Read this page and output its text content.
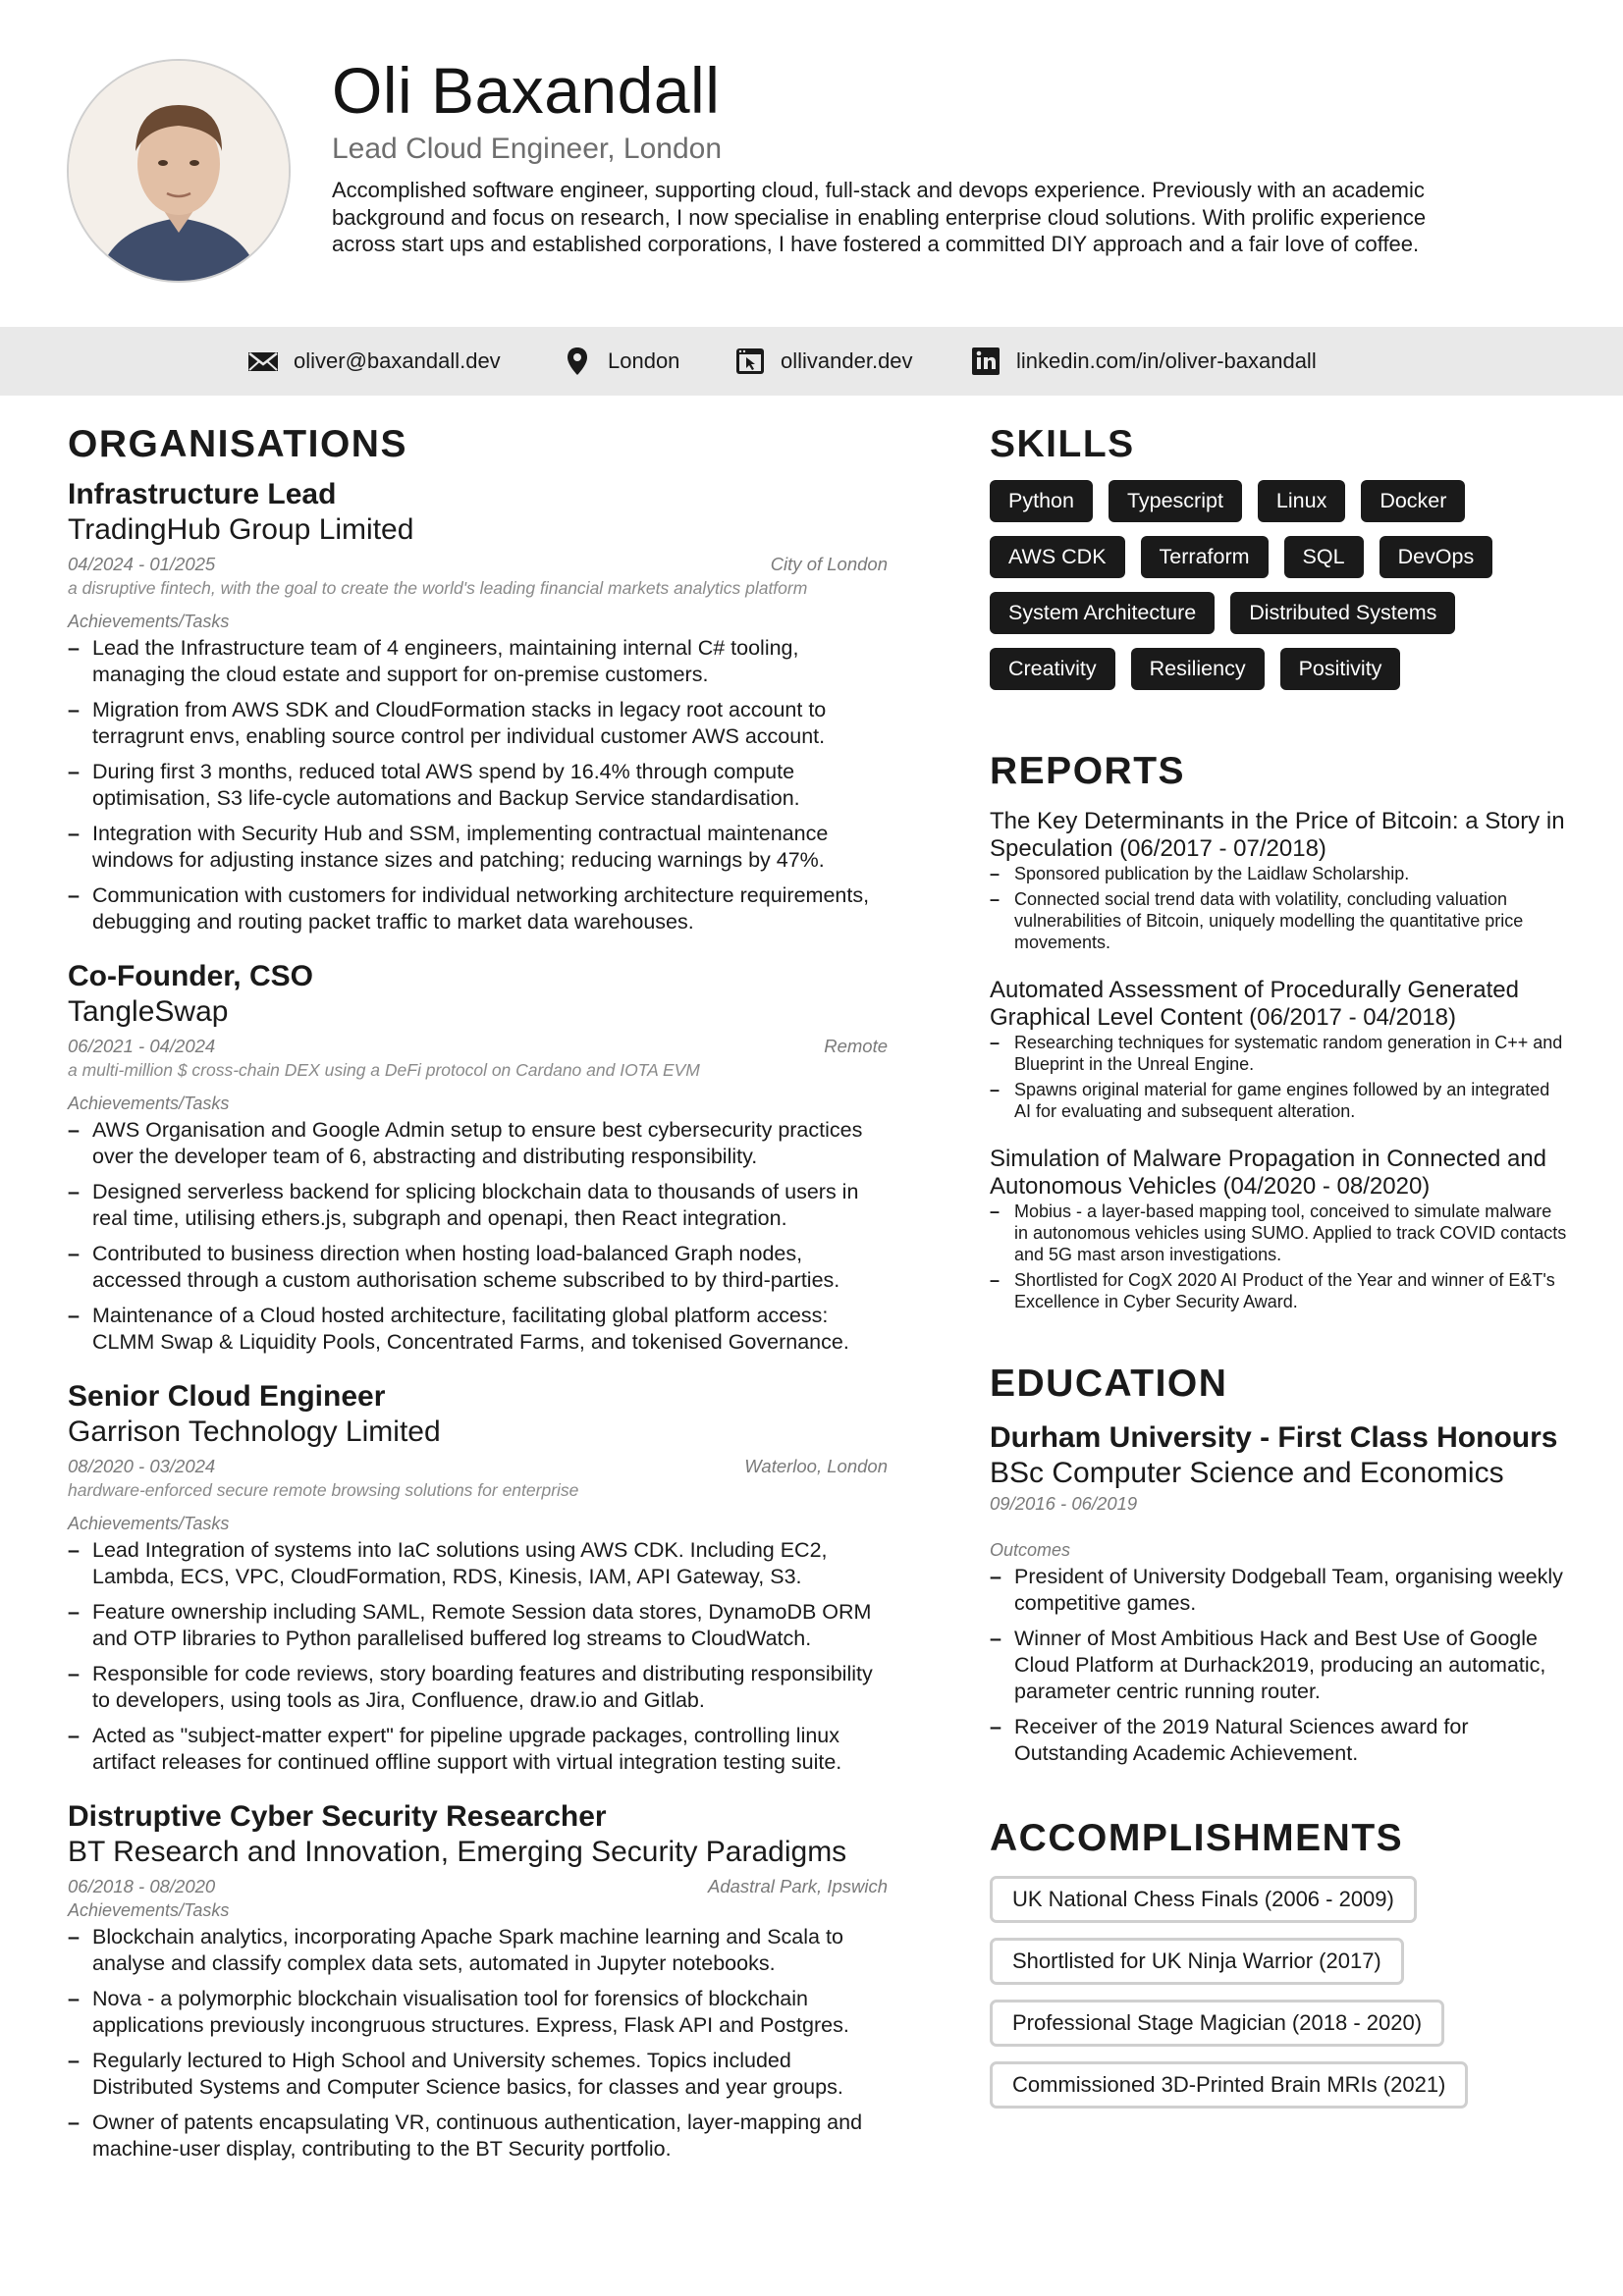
Oli Baxandall
Lead Cloud Engineer, London
Accomplished software engineer, supporting cloud, full-stack and devops experience. Previously with an academic background and focus on research, I now specialise in enabling enterprise cloud solutions. With prolific experience across start ups and established corporations, I have fostered a committed DIY approach and a fair love of coffee.
oliver@baxandall.dev	London	ollivander.dev	linkedin.com/in/oliver-baxandall
ORGANISATIONS
Infrastructure Lead
TradingHub Group Limited
04/2024 - 01/2025	City of London
a disruptive fintech, with the goal to create the world's leading financial markets analytics platform
Achievements/Tasks
– Lead the Infrastructure team of 4 engineers, maintaining internal C# tooling, managing the cloud estate and support for on-premise customers.
– Migration from AWS SDK and CloudFormation stacks in legacy root account to terragrunt envs, enabling source control per individual customer AWS account.
– During first 3 months, reduced total AWS spend by 16.4% through compute optimisation, S3 life-cycle automations and Backup Service standardisation.
– Integration with Security Hub and SSM, implementing contractual maintenance windows for adjusting instance sizes and patching; reducing warnings by 47%.
– Communication with customers for individual networking architecture requirements, debugging and routing packet traffic to market data warehouses.
Co-Founder, CSO
TangleSwap
06/2021 - 04/2024	Remote
a multi-million $ cross-chain DEX using a DeFi protocol on Cardano and IOTA EVM
Achievements/Tasks
– AWS Organisation and Google Admin setup to ensure best cybersecurity practices over the developer team of 6, abstracting and distributing responsibility.
– Designed serverless backend for splicing blockchain data to thousands of users in real time, utilising ethers.js, subgraph and openapi, then React integration.
– Contributed to business direction when hosting load-balanced Graph nodes, accessed through a custom authorisation scheme subscribed to by third-parties.
– Maintenance of a Cloud hosted architecture, facilitating global platform access: CLMM Swap & Liquidity Pools, Concentrated Farms, and tokenised Governance.
Senior Cloud Engineer
Garrison Technology Limited
08/2020 - 03/2024	Waterloo, London
hardware-enforced secure remote browsing solutions for enterprise
Achievements/Tasks
– Lead Integration of systems into IaC solutions using AWS CDK. Including EC2, Lambda, ECS, VPC, CloudFormation, RDS, Kinesis, IAM, API Gateway, S3.
– Feature ownership including SAML, Remote Session data stores, DynamoDB ORM and OTP libraries to Python parallelised buffered log streams to CloudWatch.
– Responsible for code reviews, story boarding features and distributing responsibility to developers, using tools as Jira, Confluence, draw.io and Gitlab.
– Acted as "subject-matter expert" for pipeline upgrade packages, controlling linux artifact releases for continued offline support with virtual integration testing suite.
Distruptive Cyber Security Researcher
BT Research and Innovation, Emerging Security Paradigms
06/2018 - 08/2020	Adastral Park, Ipswich
Achievements/Tasks
– Blockchain analytics, incorporating Apache Spark machine learning and Scala to analyse and classify complex data sets, automated in Jupyter notebooks.
– Nova - a polymorphic blockchain visualisation tool for forensics of blockchain applications previously incongruous structures. Express, Flask API and Postgres.
– Regularly lectured to High School and University schemes. Topics included Distributed Systems and Computer Science basics, for classes and year groups.
– Owner of patents encapsulating VR, continuous authentication, layer-mapping and machine-user display, contributing to the BT Security portfolio.
SKILLS
Python	Typescript	Linux	Docker
AWS CDK	Terraform	SQL	DevOps
System Architecture	Distributed Systems
Creativity	Resiliency	Positivity
REPORTS
The Key Determinants in the Price of Bitcoin: a Story in Speculation (06/2017 - 07/2018)
– Sponsored publication by the Laidlaw Scholarship.
– Connected social trend data with volatility, concluding valuation vulnerabilities of Bitcoin, uniquely modelling the quantitative price movements.
Automated Assessment of Procedurally Generated Graphical Level Content (06/2017 - 04/2018)
– Researching techniques for systematic random generation in C++ and Blueprint in the Unreal Engine.
– Spawns original material for game engines followed by an integrated AI for evaluating and subsequent alteration.
Simulation of Malware Propagation in Connected and Autonomous Vehicles (04/2020 - 08/2020)
– Mobius - a layer-based mapping tool, conceived to simulate malware in autonomous vehicles using SUMO. Applied to track COVID contacts and 5G mast arson investigations.
– Shortlisted for CogX 2020 AI Product of the Year and winner of E&T's Excellence in Cyber Security Award.
EDUCATION
Durham University - First Class Honours
BSc Computer Science and Economics
09/2016 - 06/2019
Outcomes
– President of University Dodgeball Team, organising weekly competitive games.
– Winner of Most Ambitious Hack and Best Use of Google Cloud Platform at Durhack2019, producing an automatic, parameter centric running router.
– Receiver of the 2019 Natural Sciences award for Outstanding Academic Achievement.
ACCOMPLISHMENTS
UK National Chess Finals (2006 - 2009)
Shortlisted for UK Ninja Warrior (2017)
Professional Stage Magician (2018 - 2020)
Commissioned 3D-Printed Brain MRIs (2021)
